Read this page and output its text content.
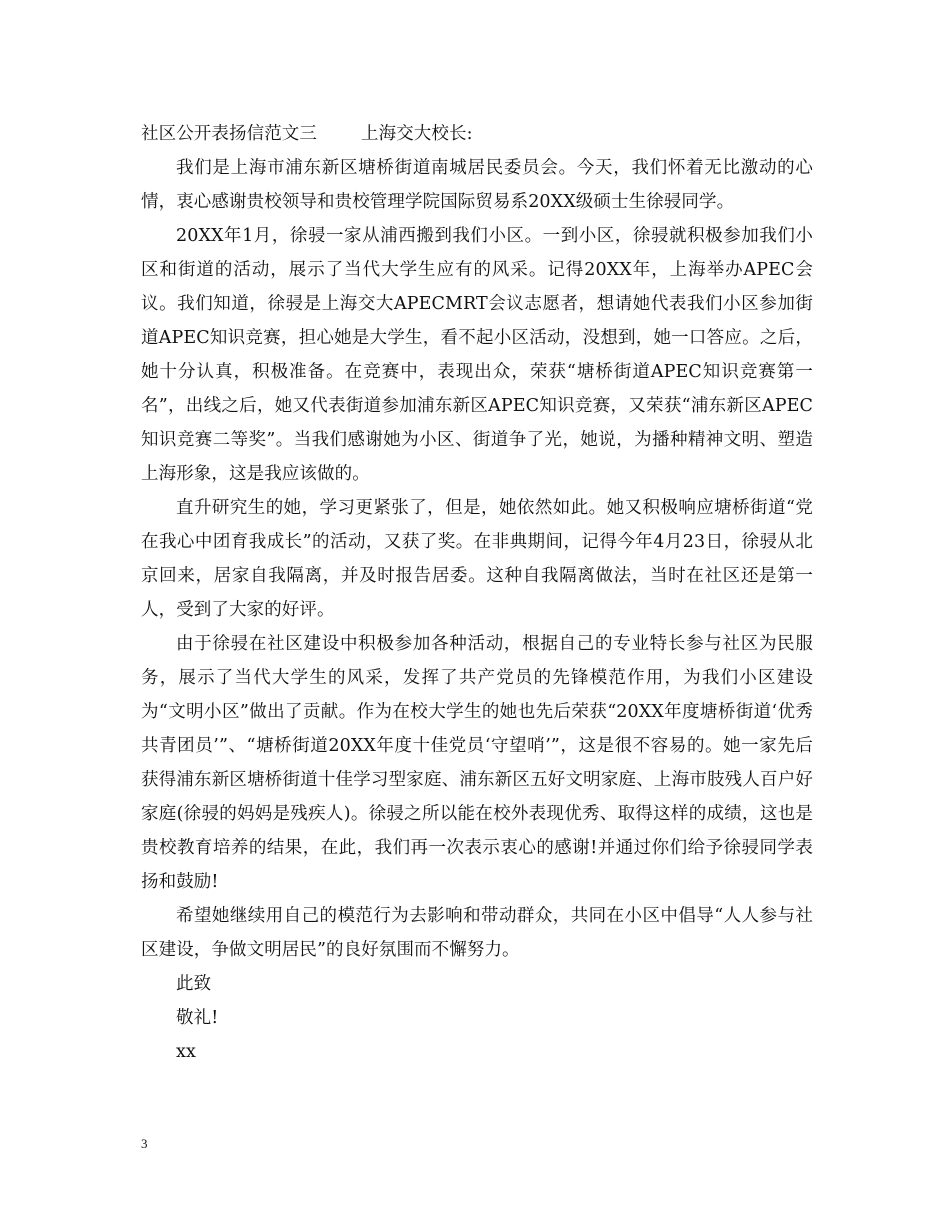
社区公开表扬信范文三	上海交大校长:

我们是上海市浦东新区塘桥街道南城居民委员会。今天，我们怀着无比激动的心情，衷心感谢贵校领导和贵校管理学院国际贸易系20XX级硕士生徐骎同学。

20XX年1月，徐骎一家从浦西搬到我们小区。一到小区，徐骎就积极参加我们小区和街道的活动，展示了当代大学生应有的风采。记得20XX年，上海举办APEC会议。我们知道，徐骎是上海交大APECMRT会议志愿者，想请她代表我们小区参加街道APEC知识竞赛，担心她是大学生，看不起小区活动，没想到，她一口答应。之后，她十分认真，积极准备。在竞赛中，表现出众，荣获“塘桥街道APEC知识竞赛第一名”，出线之后，她又代表街道参加浦东新区APEC知识竞赛，又荣获“浦东新区APEC知识竞赛二等奖”。当我们感谢她为小区、街道争了光，她说，为播种精神文明、塑造上海形象，这是我应该做的。

直升研究生的她，学习更紧张了，但是，她依然如此。她又积极响应塘桥街道“党在我心中团育我成长”的活动，又获了奖。在非典期间，记得今年4月23日，徐骎从北京回来，居家自我隔离，并及时报告居委。这种自我隔离做法，当时在社区还是第一人，受到了大家的好评。

由于徐骎在社区建设中积极参加各种活动，根据自己的专业特长参与社区为民服务，展示了当代大学生的风采，发挥了共产党员的先锋模范作用，为我们小区建设为“文明小区”做出了贡献。作为在校大学生的她也先后荣获“20XX年度塘桥街道‘优秀共青团员’”、“塘桥街道20XX年度十佳党员‘守望哨’”，这是很不容易的。她一家先后获得浦东新区塘桥街道十佳学习型家庭、浦东新区五好文明家庭、上海市肢残人百户好家庭(徐骎的妈妈是残疾人)。徐骎之所以能在校外表现优秀、取得这样的成绩，这也是贵校教育培养的结果，在此，我们再一次表示衷心的感谢!并通过你们给予徐骎同学表扬和鼓励!

希望她继续用自己的模范行为去影响和带动群众，共同在小区中倡导“人人参与社区建设，争做文明居民”的良好氛围而不懈努力。

此致

敬礼!

xx

3
